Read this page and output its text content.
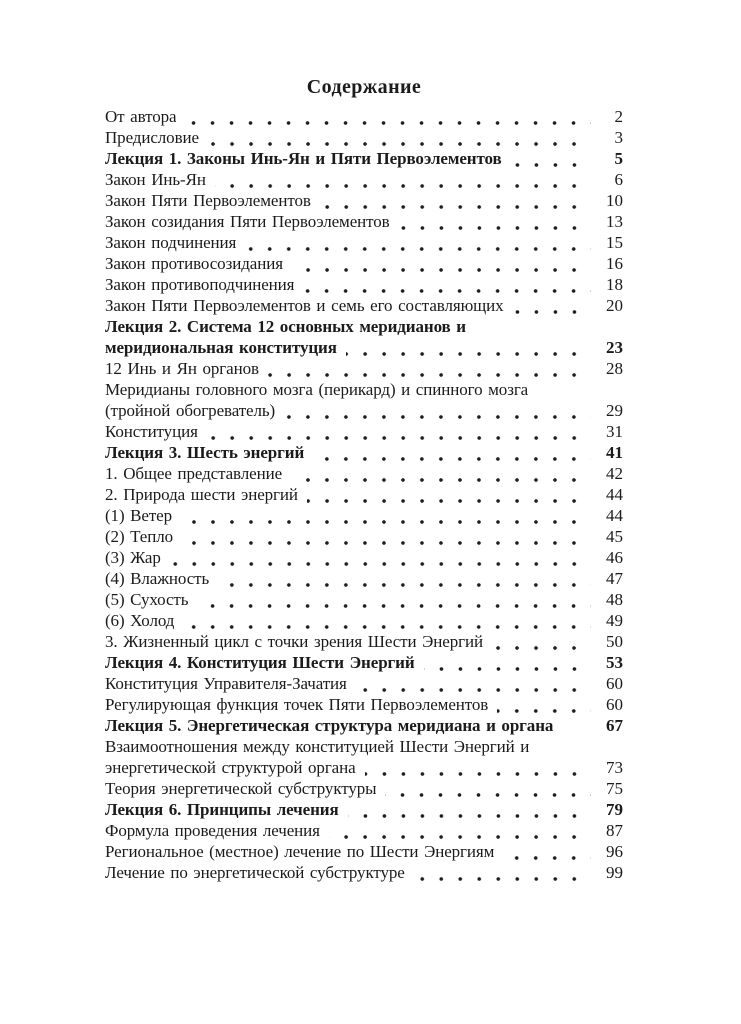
Содержание
От автора	2
Предисловие	3
Лекция 1. Законы Инь-Ян и Пяти Первоэлементов	5
Закон Инь-Ян	6
Закон Пяти Первоэлементов	10
Закон созидания Пяти Первоэлементов	13
Закон подчинения	15
Закон противосозидания	16
Закон противоподчинения	18
Закон Пяти Первоэлементов и семь его составляющих	20
Лекция 2. Система 12 основных меридианов и
меридиональная конституция	23
12 Инь и Ян органов	28
Меридианы головного мозга (перикард) и спинного мозга
(тройной обогреватель)	29
Конституция	31
Лекция 3. Шесть энергий	41
1. Общее представление	42
2. Природа шести энергий	44
(1) Ветер	44
(2) Тепло	45
(3) Жар	46
(4) Влажность	47
(5) Сухость	48
(6) Холод	49
3. Жизненный цикл с точки зрения Шести Энергий	50
Лекция 4. Конституция Шести Энергий	53
Конституция Управителя-Зачатия	60
Регулирующая функция точек Пяти Первоэлементов	60
Лекция 5. Энергетическая структура меридиана и органа	67
Взаимоотношения между конституцией Шести Энергий и
энергетической структурой органа	73
Теория энергетической субструктуры	75
Лекция 6. Принципы лечения	79
Формула проведения лечения	87
Региональное (местное) лечение по Шести Энергиям	96
Лечение по энергетической субструктуре	99
